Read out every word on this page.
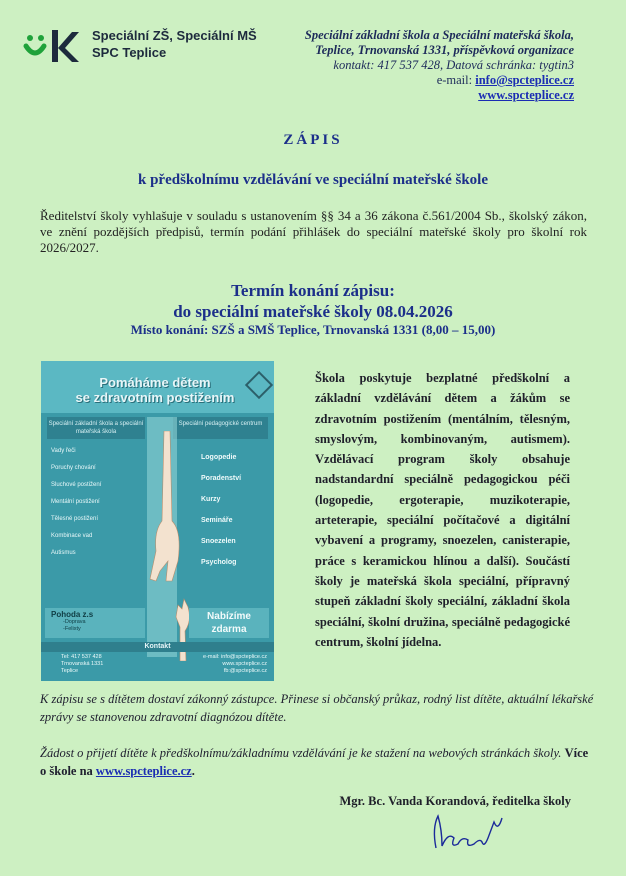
Speciální ZŠ, Speciální MŠ
SPC Teplice
Speciální základní škola a Speciální mateřská škola,
Teplice, Trnovanská 1331, příspěvková organizace
kontakt: 417 537 428, Datová schránka: tygtin3
e-mail: info@spcteplice.cz
www.spcteplice.cz
ZÁPIS
k předškolnímu vzdělávání ve speciální mateřské škole
Ředitelství školy vyhlašuje v souladu s ustanovením §§ 34 a 36 zákona č.561/2004 Sb., školský zákon, ve znění pozdějších předpisů, termín podání přihlášek do speciální mateřské školy pro školní rok 2026/2027.
Termín konání zápisu:
do speciální mateřské školy 08.04.2026
Místo konání: SZŠ a SMŠ Teplice, Trnovanská 1331 (8,00 – 15,00)
Pomáháme dětem
se zdravotním postižením
Speciální základní škola a speciální mateřská škola
Speciální pedagogické centrum
Vady řeči
Poruchy chování
Sluchové postižení
Mentální postižení
Tělesné postižení
Kombinace vad
Autismus
Logopedie
Poradenství
Kurzy
Semináře
Snoezelen
Psycholog
Pohoda z.s
-Doprava
-Felixty
Nabízíme
zdarma
Kontakt
Tel: 417 537 428
Trnovanská 1331
Teplice
e-mail: info@spcteplice.cz
www.spcteplice.cz
fb:@spcteplice.cz
Škola poskytuje bezplatné předškolní a základní vzdělávání dětem a žákům se zdravotním postižením (mentálním, tělesným, smyslovým, kombinovaným, autismem). Vzdělávací program školy obsahuje nadstandardní speciálně pedagogickou péči (logopedie, ergoterapie, muzikoterapie, arteterapie, speciální počítačové a digitální vybavení a programy, snoezelen, canisterapie, práce s keramickou hlínou a další). Součástí školy je mateřská škola speciální, přípravný stupeň základní školy speciální, základní škola speciální, školní družina, speciálně pedagogické centrum, školní jídelna.
K zápisu se s dítětem dostaví zákonný zástupce. Přinese si občanský průkaz, rodný list dítěte, aktuální lékařské zprávy se stanovenou zdravotní diagnózou dítěte.
Žádost o přijetí dítěte k předškolnímu/základnímu vzdělávání je ke stažení na webových stránkách školy. Více o škole na www.spcteplice.cz.
Mgr. Bc. Vanda Korandová, ředitelka školy
